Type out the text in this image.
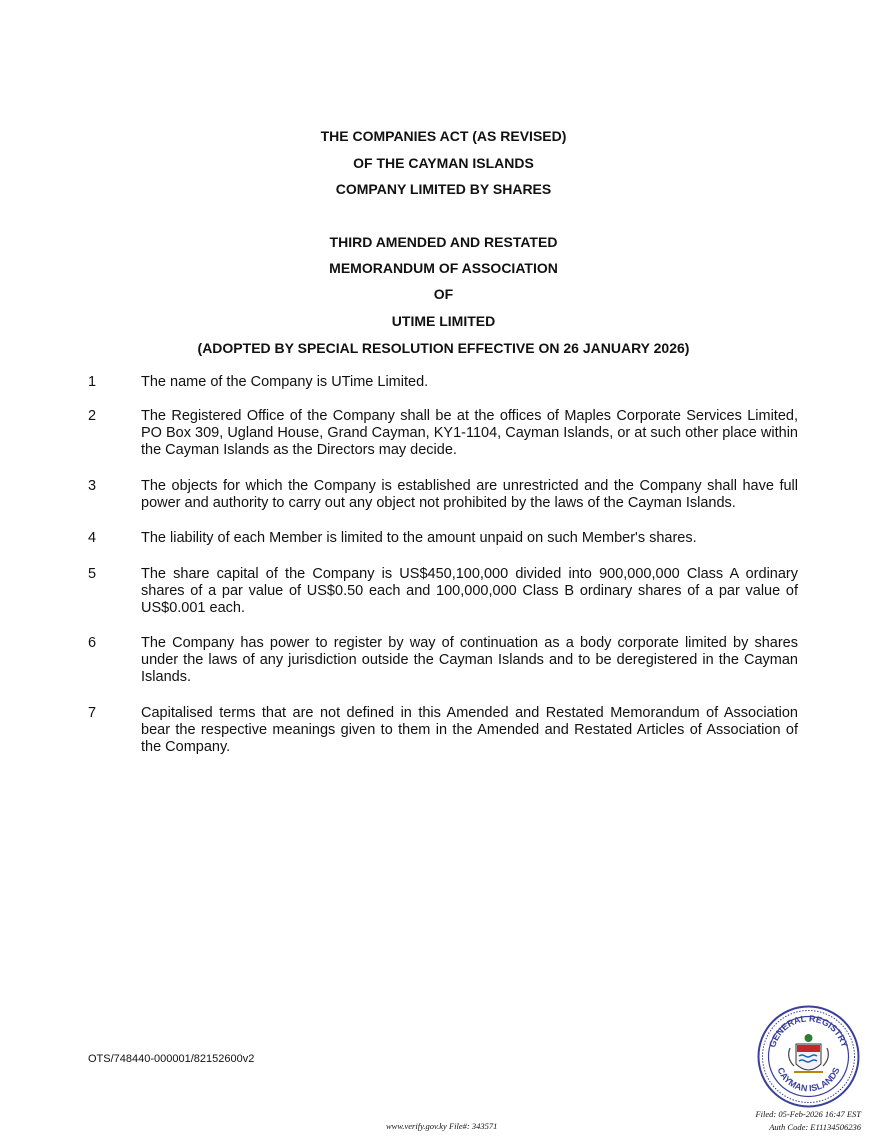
THE COMPANIES ACT (AS REVISED)
OF THE CAYMAN ISLANDS
COMPANY LIMITED BY SHARES
THIRD AMENDED AND RESTATED
MEMORANDUM OF ASSOCIATION
OF
UTIME LIMITED
(ADOPTED BY SPECIAL RESOLUTION EFFECTIVE ON 26 JANUARY 2026)
1	The name of the Company is UTime Limited.
2	The Registered Office of the Company shall be at the offices of Maples Corporate Services Limited, PO Box 309, Ugland House, Grand Cayman, KY1-1104, Cayman Islands, or at such other place within the Cayman Islands as the Directors may decide.
3	The objects for which the Company is established are unrestricted and the Company shall have full power and authority to carry out any object not prohibited by the laws of the Cayman Islands.
4	The liability of each Member is limited to the amount unpaid on such Member's shares.
5	The share capital of the Company is US$450,100,000 divided into 900,000,000 Class A ordinary shares of a par value of US$0.50 each and 100,000,000 Class B ordinary shares of a par value of US$0.001 each.
6	The Company has power to register by way of continuation as a body corporate limited by shares under the laws of any jurisdiction outside the Cayman Islands and to be deregistered in the Cayman Islands.
7	Capitalised terms that are not defined in this Amended and Restated Memorandum of Association bear the respective meanings given to them in the Amended and Restated Articles of Association of the Company.
OTS/748440-000001/82152600v2
GENERAL REGISTRY
CAYMAN ISLANDS
www.verify.gov.ky File#: 343571
Filed: 05-Feb-2026 16:47 EST
Auth Code: E11134506236
